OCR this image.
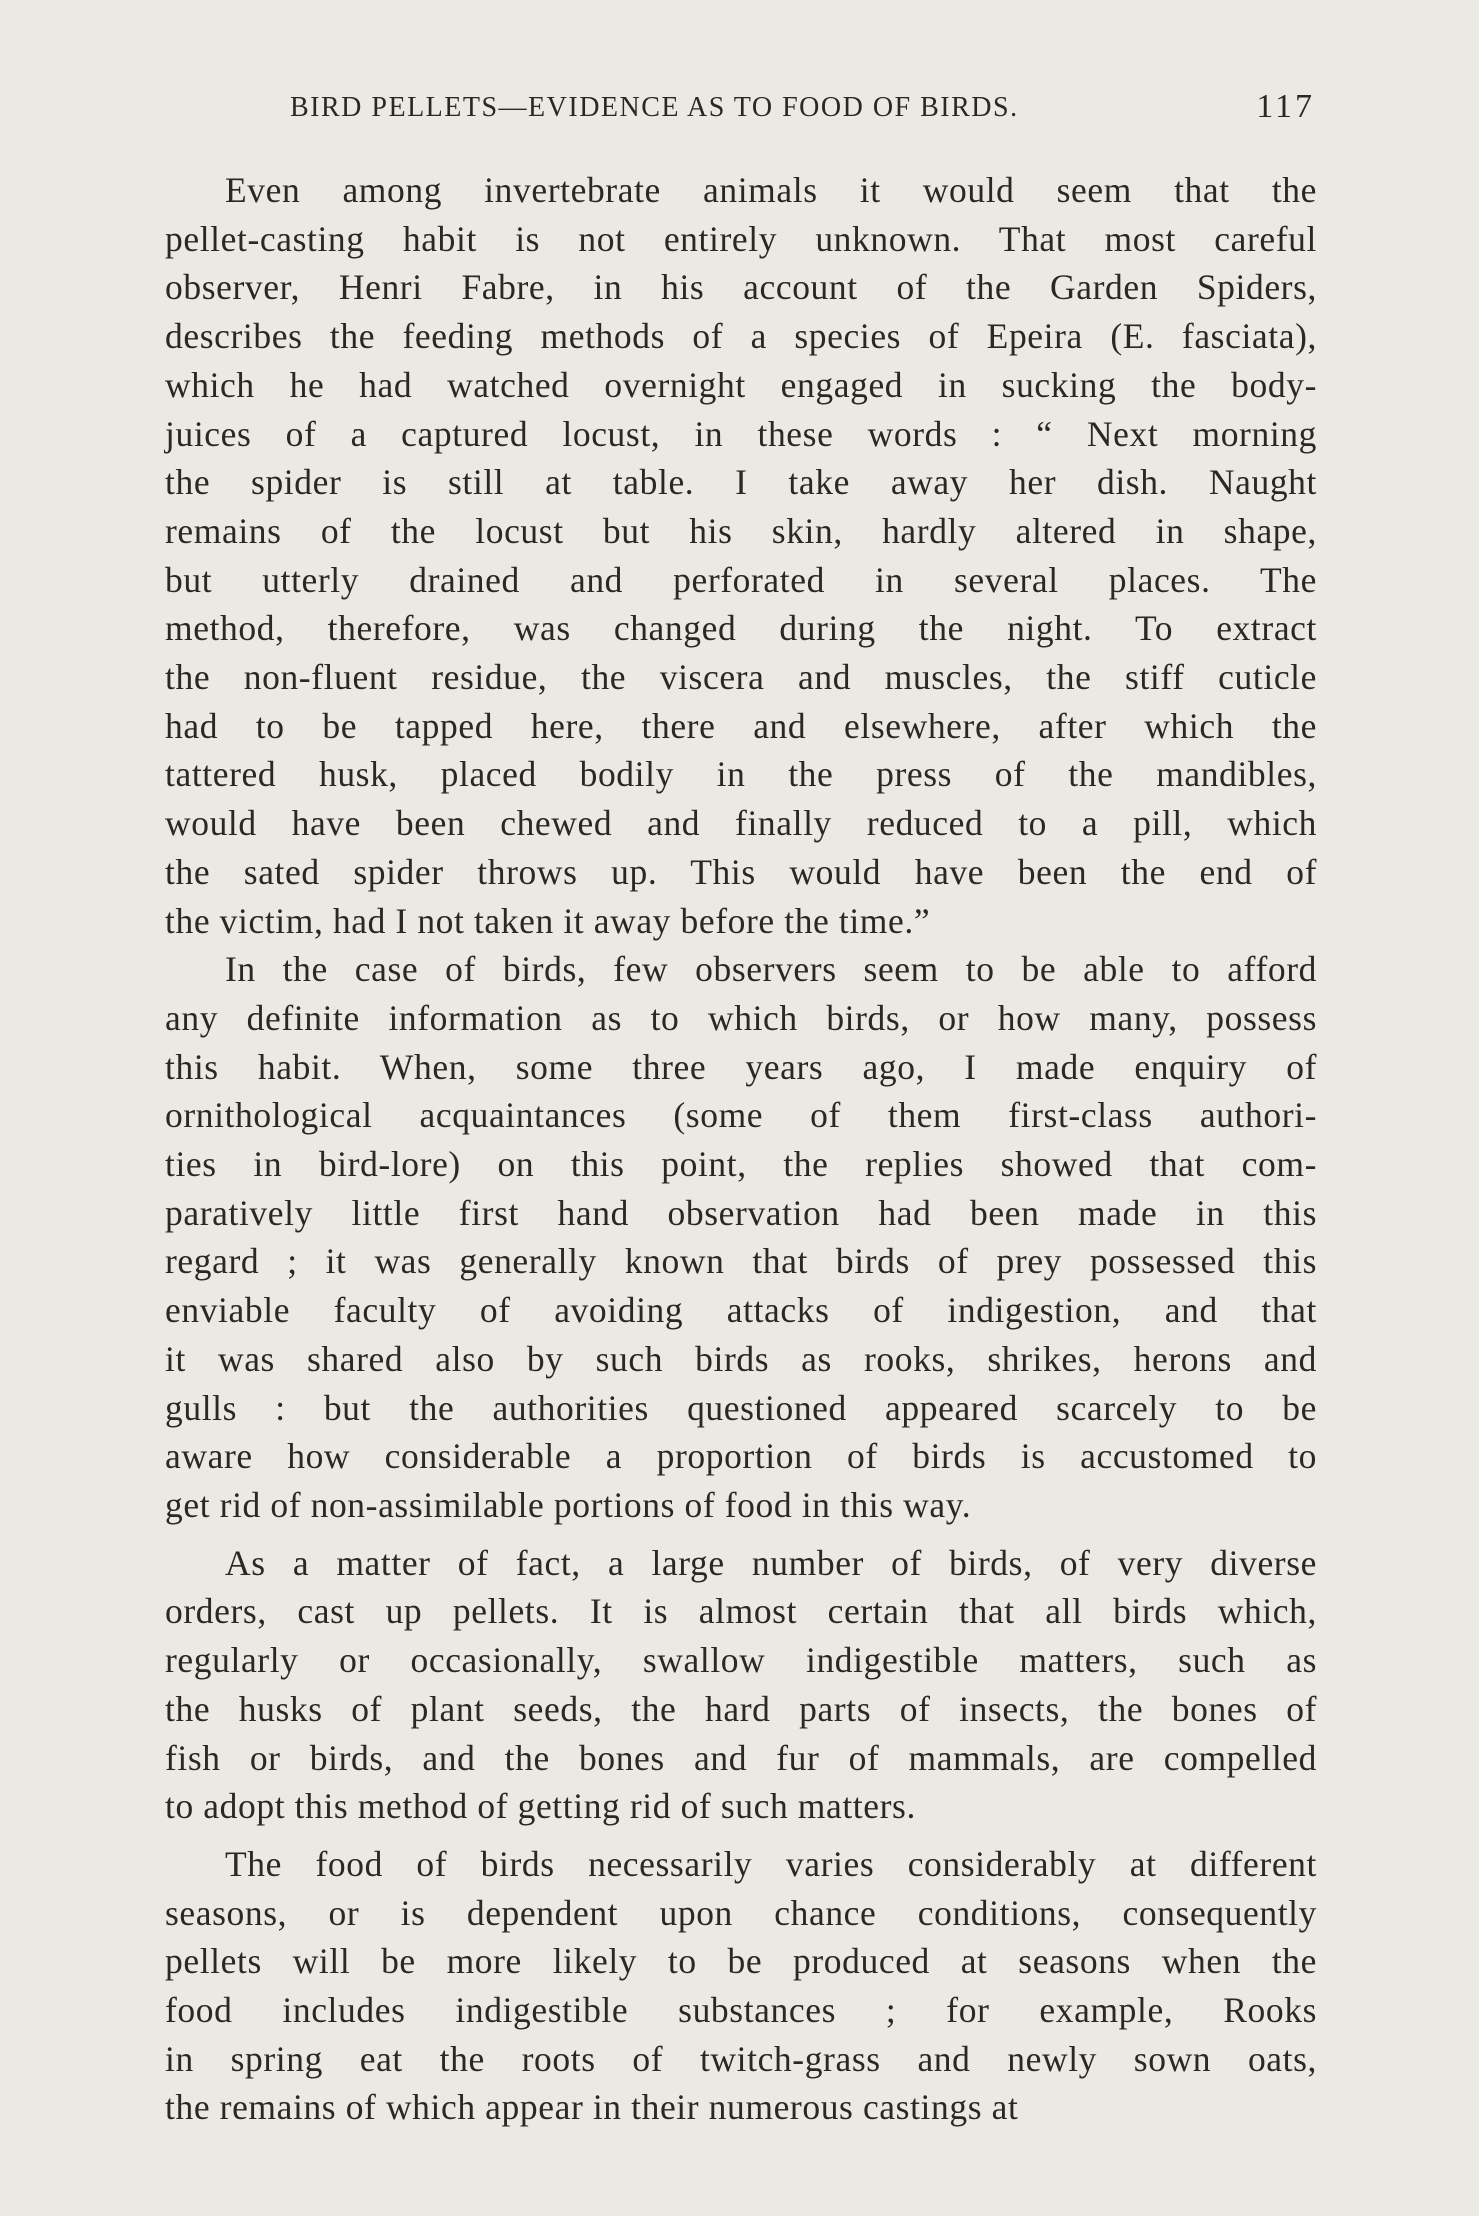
BIRD PELLETS—EVIDENCE AS TO FOOD OF BIRDS.	117
Even among invertebrate animals it would seem that the
pellet-casting habit is not entirely unknown. That most careful
observer, Henri Fabre, in his account of the Garden Spiders,
describes the feeding methods of a species of Epeira (E. fasciata),
which he had watched overnight engaged in sucking the body-
juices of a captured locust, in these words : “ Next morning
the spider is still at table. I take away her dish. Naught
remains of the locust but his skin, hardly altered in shape,
but utterly drained and perforated in several places. The
method, therefore, was changed during the night. To extract
the non-fluent residue, the viscera and muscles, the stiff cuticle
had to be tapped here, there and elsewhere, after which the
tattered husk, placed bodily in the press of the mandibles,
would have been chewed and finally reduced to a pill, which
the sated spider throws up. This would have been the end of
the victim, had I not taken it away before the time.”
In the case of birds, few observers seem to be able to afford
any definite information as to which birds, or how many, possess
this habit. When, some three years ago, I made enquiry of
ornithological acquaintances (some of them first-class authori-
ties in bird-lore) on this point, the replies showed that com-
paratively little first hand observation had been made in this
regard ; it was generally known that birds of prey possessed this
enviable faculty of avoiding attacks of indigestion, and that
it was shared also by such birds as rooks, shrikes, herons and
gulls : but the authorities questioned appeared scarcely to be
aware how considerable a proportion of birds is accustomed to
get rid of non-assimilable portions of food in this way.
As a matter of fact, a large number of birds, of very diverse
orders, cast up pellets. It is almost certain that all birds which,
regularly or occasionally, swallow indigestible matters, such as
the husks of plant seeds, the hard parts of insects, the bones of
fish or birds, and the bones and fur of mammals, are compelled
to adopt this method of getting rid of such matters.
The food of birds necessarily varies considerably at different
seasons, or is dependent upon chance conditions, consequently
pellets will be more likely to be produced at seasons when the
food includes indigestible substances ; for example, Rooks
in spring eat the roots of twitch-grass and newly sown oats,
the remains of which appear in their numerous castings at
